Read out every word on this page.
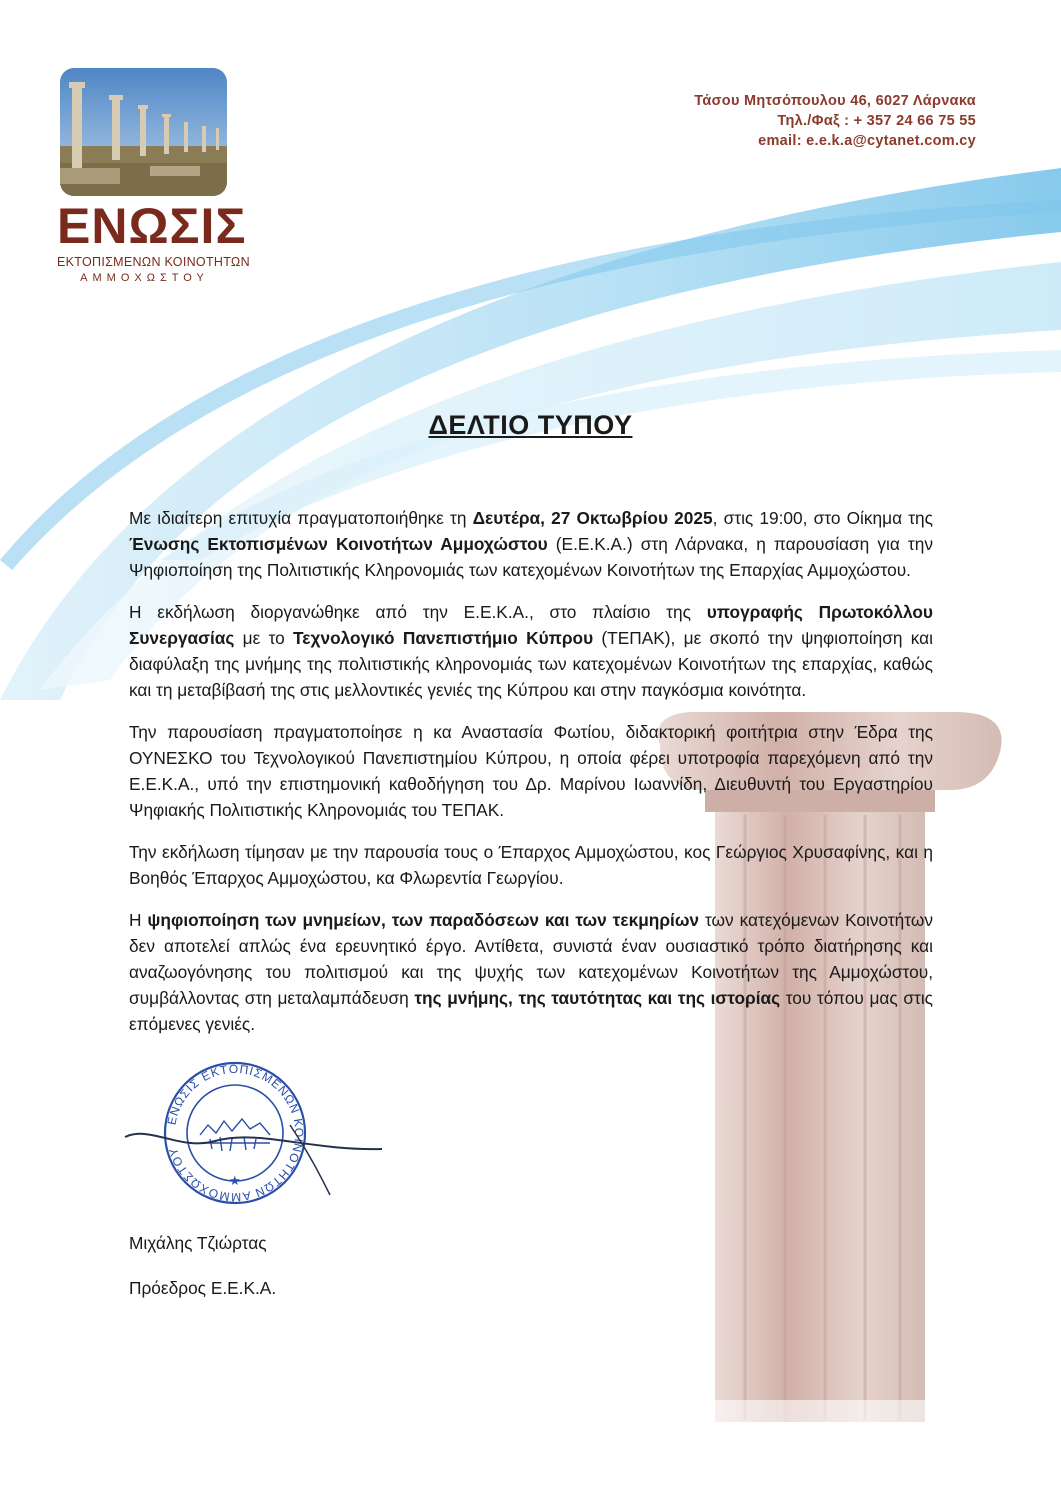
ΕΝΩΣΙΣ
ΕΚΤΟΠΙΣΜΕΝΩΝ ΚΟΙΝΟΤΗΤΩΝ
ΑΜΜΟΧΩΣΤΟΥ
Τάσου Μητσόπουλου 46, 6027 Λάρνακα
Τηλ./Φαξ : + 357 24 66 75 55
email: e.e.k.a@cytanet.com.cy
ΔΕΛΤΙΟ ΤΥΠΟΥ

Με ιδιαίτερη επιτυχία πραγματοποιήθηκε τη Δευτέρα, 27 Οκτωβρίου 2025, στις 19:00, στο Οίκημα της Ένωσης Εκτοπισμένων Κοινοτήτων Αμμοχώστου (Ε.Ε.Κ.Α.) στη Λάρνακα, η παρουσίαση για την Ψηφιοποίηση της Πολιτιστικής Κληρονομιάς των κατεχομένων Κοινοτήτων της Επαρχίας Αμμοχώστου.

Η εκδήλωση διοργανώθηκε από την Ε.Ε.Κ.Α., στο πλαίσιο της υπογραφής Πρωτοκόλλου Συνεργασίας με το Τεχνολογικό Πανεπιστήμιο Κύπρου (ΤΕΠΑΚ), με σκοπό την ψηφιοποίηση και διαφύλαξη της μνήμης της πολιτιστικής κληρονομιάς των κατεχομένων Κοινοτήτων της επαρχίας, καθώς και τη μεταβίβασή της στις μελλοντικές γενιές της Κύπρου και στην παγκόσμια κοινότητα.

Την παρουσίαση πραγματοποίησε η κα Αναστασία Φωτίου, διδακτορική φοιτήτρια στην Έδρα της ΟΥΝΕΣΚΟ του Τεχνολογικού Πανεπιστημίου Κύπρου, η οποία φέρει υποτροφία παρεχόμενη από την Ε.Ε.Κ.Α., υπό την επιστημονική καθοδήγηση του Δρ. Μαρίνου Ιωαννίδη, Διευθυντή του Εργαστηρίου Ψηφιακής Πολιτιστικής Κληρονομιάς του ΤΕΠΑΚ.

Την εκδήλωση τίμησαν με την παρουσία τους ο Έπαρχος Αμμοχώστου, κος Γεώργιος Χρυσαφίνης, και η Βοηθός Έπαρχος Αμμοχώστου, κα Φλωρεντία Γεωργίου.

Η ψηφιοποίηση των μνημείων, των παραδόσεων και των τεκμηρίων των κατεχόμενων Κοινοτήτων δεν αποτελεί απλώς ένα ερευνητικό έργο. Αντίθετα, συνιστά έναν ουσιαστικό τρόπο διατήρησης και αναζωογόνησης του πολιτισμού και της ψυχής των κατεχομένων Κοινοτήτων της Αμμοχώστου, συμβάλλοντας στη μεταλαμπάδευση της μνήμης, της ταυτότητας και της ιστορίας του τόπου μας στις επόμενες γενιές.

ΕΝΩΣΙΣ ΕΚΤΟΠΙΣΜΕΝΩΝ ΚΟΙΝΟΤΗΤΩΝ ΑΜΜΟΧΩΣΤΟΥ
★
Μιχάλης Τζιώρτας
Πρόεδρος Ε.Ε.Κ.Α.
